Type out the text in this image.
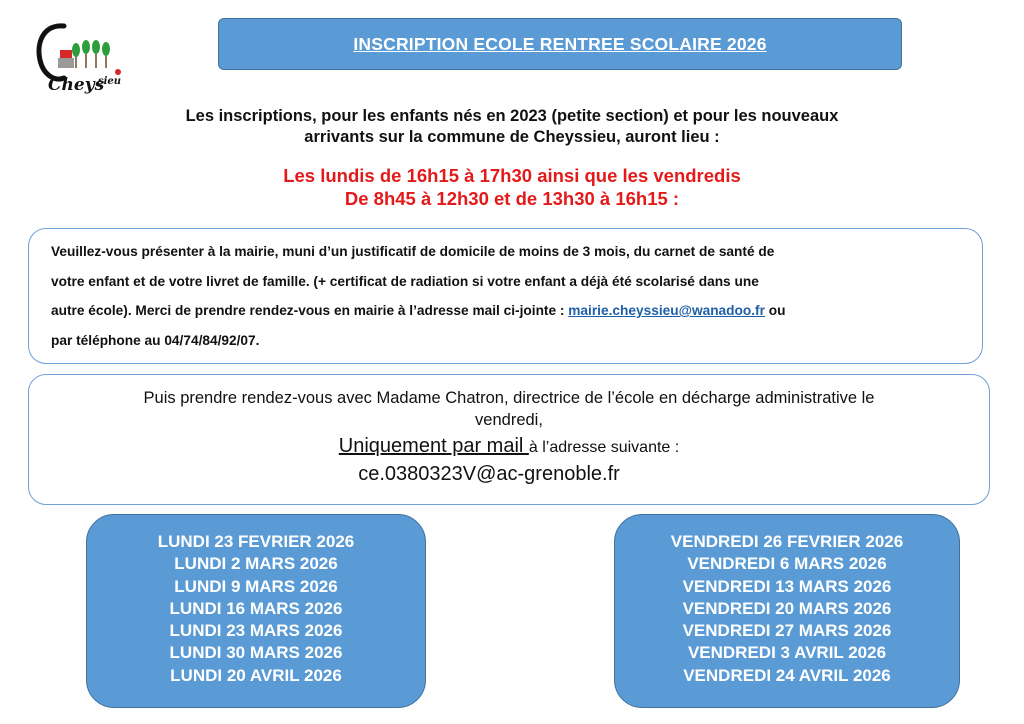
Cheys
sieu
INSCRIPTION ECOLE RENTREE SCOLAIRE 2026
Les inscriptions, pour les enfants nés en 2023 (petite section) et pour les nouveaux
arrivants sur la commune de Cheyssieu, auront lieu :
Les lundis de 16h15 à 17h30 ainsi que les vendredis
De 8h45 à 12h30 et de 13h30 à 16h15 :

Veuillez-vous présenter à la mairie, muni d’un justificatif de domicile de moins de 3 mois, du carnet de santé de

votre enfant et de votre livret de famille. (+ certificat de radiation si votre enfant a déjà été scolarisé dans une

autre école). Merci de prendre rendez-vous en mairie à l’adresse mail ci-jointe : mairie.cheyssieu@wanadoo.fr ou

par téléphone au 04/74/84/92/07.

Puis prendre rendez-vous avec Madame Chatron, directrice de l’école en décharge administrative le
vendredi,
Uniquement par mail à l’adresse suivante :
ce.0380323V@ac-grenoble.fr
LUNDI 23 FEVRIER 2026
LUNDI 2 MARS 2026
LUNDI 9 MARS 2026
LUNDI 16 MARS 2026
LUNDI 23 MARS 2026
LUNDI 30 MARS 2026
LUNDI 20 AVRIL 2026
VENDREDI 26 FEVRIER 2026
VENDREDI 6 MARS 2026
VENDREDI 13 MARS 2026
VENDREDI 20 MARS 2026
VENDREDI 27 MARS 2026
VENDREDI 3 AVRIL 2026
VENDREDI 24 AVRIL 2026
